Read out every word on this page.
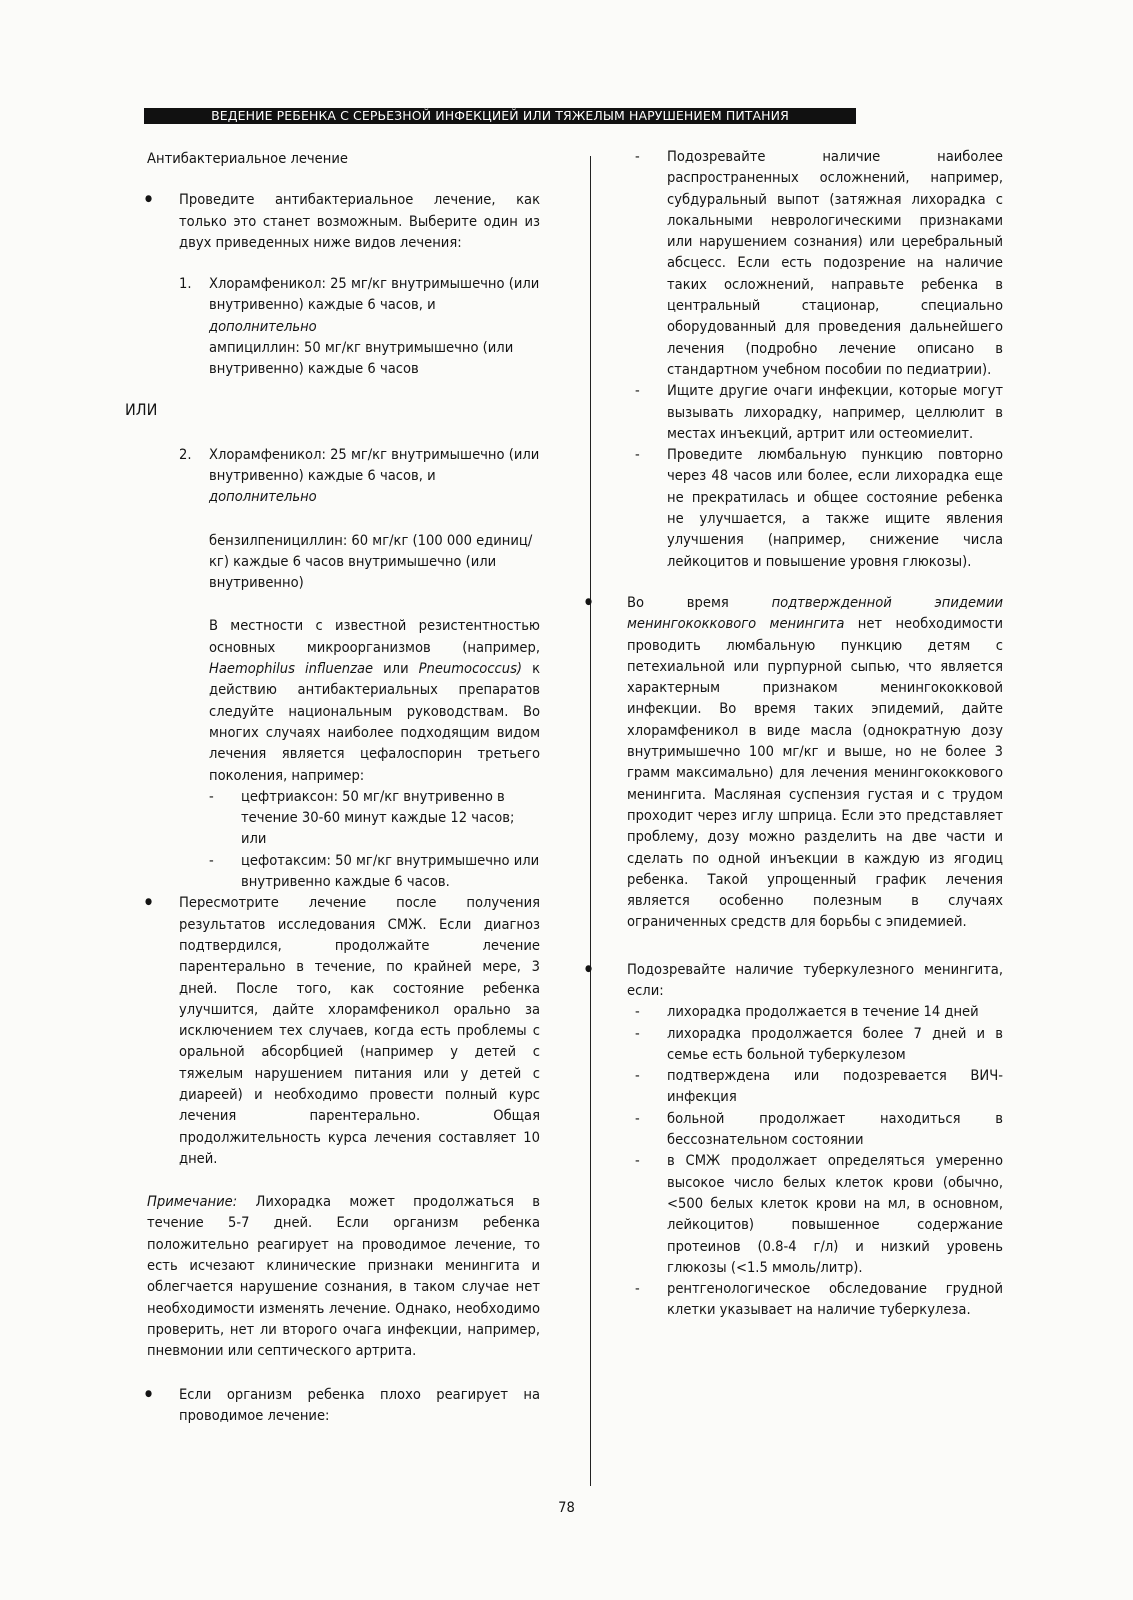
ВЕДЕНИЕ РЕБЕНКА С СЕРЬЕЗНОЙ ИНФЕКЦИЕЙ ИЛИ ТЯЖЕЛЫМ НАРУШЕНИЕМ ПИТАНИЯ

Антибактериальное лечение

● Проведите антибактериальное лечение, как только это станет возможным. Выберите один из двух приведенных ниже видов лечения:

1. Хлорамфеникол: 25 мг/кг внутримышечно (или внутривенно) каждые 6 часов, и

дополнительно

ампициллин: 50 мг/кг внутримышечно (или внутривенно) каждые 6 часов

2. Хлорамфеникол: 25 мг/кг внутримышечно (или внутривенно) каждые 6 часов, и

дополнительно

бензилпенициллин: 60 мг/кг (100 000 единиц/кг) каждые 6 часов внутримышечно (или внутривенно)

В местности с известной резистентностью основных микроорганизмов (например, Haemophilus influenzae или Pneumococcus) к действию антибактериальных препаратов следуйте национальным руководствам. Во многих случаях наиболее подходящим видом лечения является цефалоспорин третьего поколения, например:

- цефтриаксон: 50 мг/кг внутривенно в течение 30-60 минут каждые 12 часов;

или

- цефотаксим: 50 мг/кг внутримышечно или внутривенно каждые 6 часов.

● Пересмотрите лечение после получения результатов исследования СМЖ. Если диагноз подтвердился, продолжайте лечение парентерально в течение, по крайней мере, 3 дней. После того, как состояние ребенка улучшится, дайте хлорамфеникол орально за исключением тех случаев, когда есть проблемы с оральной абсорбцией (например у детей с тяжелым нарушением питания или у детей с диареей) и необходимо провести полный курс лечения парентерально. Общая продолжительность курса лечения составляет 10 дней.

Примечание: Лихорадка может продолжаться в течение 5-7 дней. Если организм ребенка положительно реагирует на проводимое лечение, то есть исчезают клинические признаки менингита и облегчается нарушение сознания, в таком случае нет необходимости изменять лечение. Однако, необходимо проверить, нет ли второго очага инфекции, например, пневмонии или септического артрита.

● Если организм ребенка плохо реагирует на проводимое лечение:

ИЛИ

- Подозревайте наличие наиболее распространенных осложнений, например, субдуральный выпот (затяжная лихорадка с локальными неврологическими признаками или нарушением сознания) или церебральный абсцесс. Если есть подозрение на наличие таких осложнений, направьте ребенка в центральный стационар, специально оборудованный для проведения дальнейшего лечения (подробно лечение описано в стандартном учебном пособии по педиатрии).

- Ищите другие очаги инфекции, которые могут вызывать лихорадку, например, целлюлит в местах инъекций, артрит или остеомиелит.

- Проведите люмбальную пункцию повторно через 48 часов или более, если лихорадка еще не прекратилась и общее состояние ребенка не улучшается, а также ищите явления улучшения (например, снижение числа лейкоцитов и повышение уровня глюкозы).

● Во время	подтвержденной эпидемии менингококкового менингита нет необходимости проводить люмбальную пункцию детям с петехиальной или пурпурной сыпью, что является характерным признаком менингококковой инфекции. Во время таких эпидемий, дайте хлорамфеникол в виде масла (однократную дозу внутримышечно 100 мг/кг и выше, но не более 3 грамм максимально) для лечения менингококкового менингита. Масляная суспензия густая и с трудом проходит через иглу шприца. Если это представляет проблему, дозу можно разделить на две части и сделать по одной инъекции в каждую из ягодиц ребенка. Такой упрощенный график лечения является особенно полезным в случаях ограниченных средств для борьбы с эпидемией.

● Подозревайте наличие туберкулезного менингита, если:

- лихорадка продолжается в течение 14 дней

- лихорадка продолжается более 7 дней и в семье есть больной туберкулезом

- подтверждена или подозревается ВИЧ-инфекция

- больной продолжает находиться в бессознательном состоянии

- в СМЖ продолжает определяться умеренно высокое число белых клеток крови (обычно, <500 белых клеток крови на мл, в основном, лейкоцитов) повышенное содержание протеинов (0.8-4 г/л) и низкий уровень глюкозы (<1.5 ммоль/литр).

- рентгенологическое обследование грудной клетки указывает на наличие туберкулеза.

78
